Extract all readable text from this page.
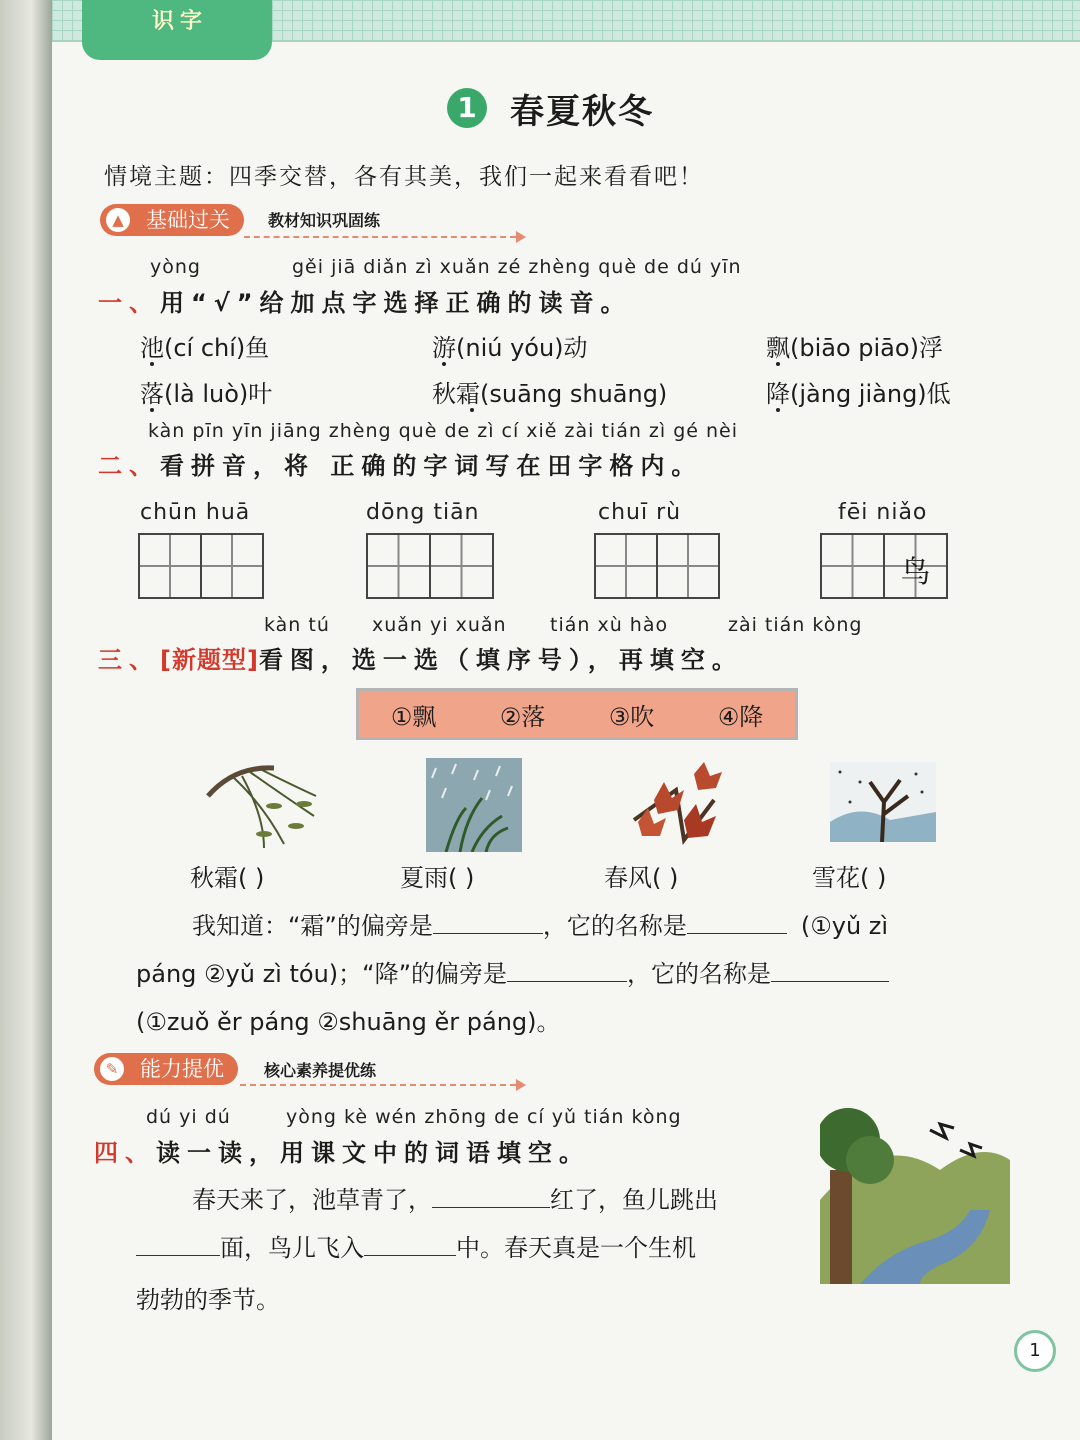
识字
1 春夏秋冬
情境主题：四季交替，各有其美，我们一起来看看吧！
▲ 基础过关	教材知识巩固练
yòng	gěi jiā diǎn zì xuǎn zé zhèng què de dú yīn
一、用“√”给加点字选择正确的读音。
池(cí chí)鱼	游(niú yóu)动	飘(biāo piāo)浮
落(là luò)叶	秋霜(suāng shuāng)	降(jàng jiàng)低
kàn pīn yīn jiāng zhèng què de zì cí xiě zài tián zì gé nèi
二、看拼音，将 正确的字词写在田字格内。
chūn huā	dōng tiān	chuī rù	fēi niǎo
鸟
kàn tú xuǎn yi xuǎn tián xù hào	zài tián kòng
三、[新题型]看图，选一选（填序号），再填空。
①飘	②落	③吹	④降
秋霜( )	夏雨( )	春风( )	雪花( )
我知道：“霜”的偏旁是	，它的名称是	(①yǔ zì
páng ②yǔ zì tóu)；“降”的偏旁是	，它的名称是
(①zuǒ ěr páng ②shuāng ěr páng)。
✎ 能力提优	核心素养提优练
dú yi dú	yòng kè wén zhōng de cí yǔ tián kòng
四、读一读，用课文中的词语填空。
春天来了，池草青了，	红了，鱼儿跳出
面，鸟儿飞入	中。春天真是一个生机
勃勃的季节。
1
